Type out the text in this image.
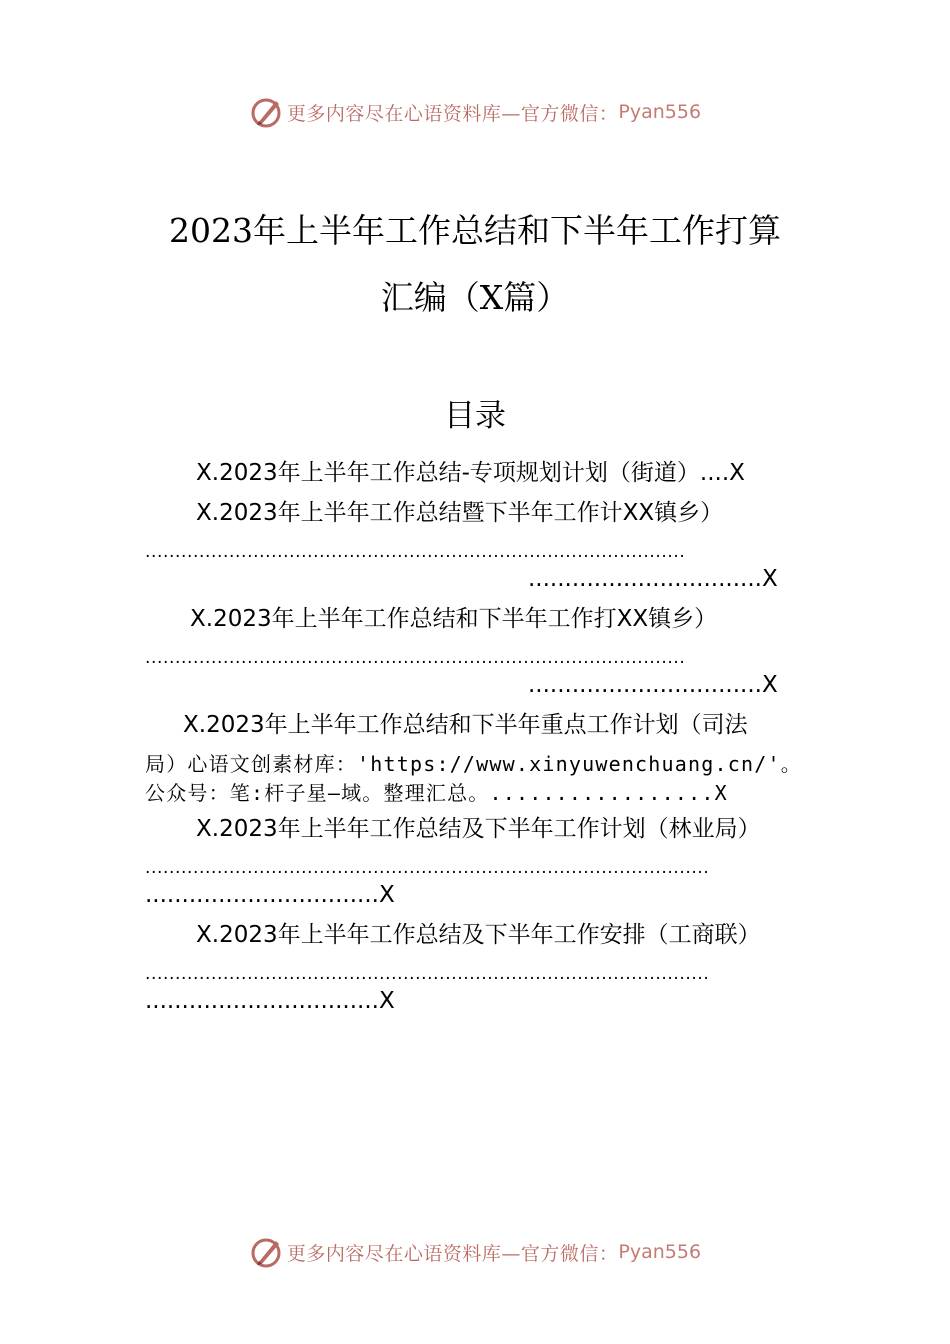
更多内容尽在心语资料库—官方微信： Pyan556
2023年上半年工作总结和下半年工作打算
汇编（X篇）
目录
X.2023年上半年工作总结-专项规划计划（街道）....X
X.2023年上半年工作总结暨下半年工作计XX镇乡）
..........................................................................................
................................X
X.2023年上半年工作总结和下半年工作打XX镇乡）
..........................................................................................
................................X
X.2023年上半年工作总结和下半年重点工作计划（司法
局）心语文创素材库：'https://www.xinyuwenchuang.cn/'。
公众号：笔:杆子星—域。整理汇总。.................X
X.2023年上半年工作总结及下半年工作计划（林业局）
..............................................................................................
................................X
X.2023年上半年工作总结及下半年工作安排（工商联）
..............................................................................................
................................X
更多内容尽在心语资料库—官方微信： Pyan556
